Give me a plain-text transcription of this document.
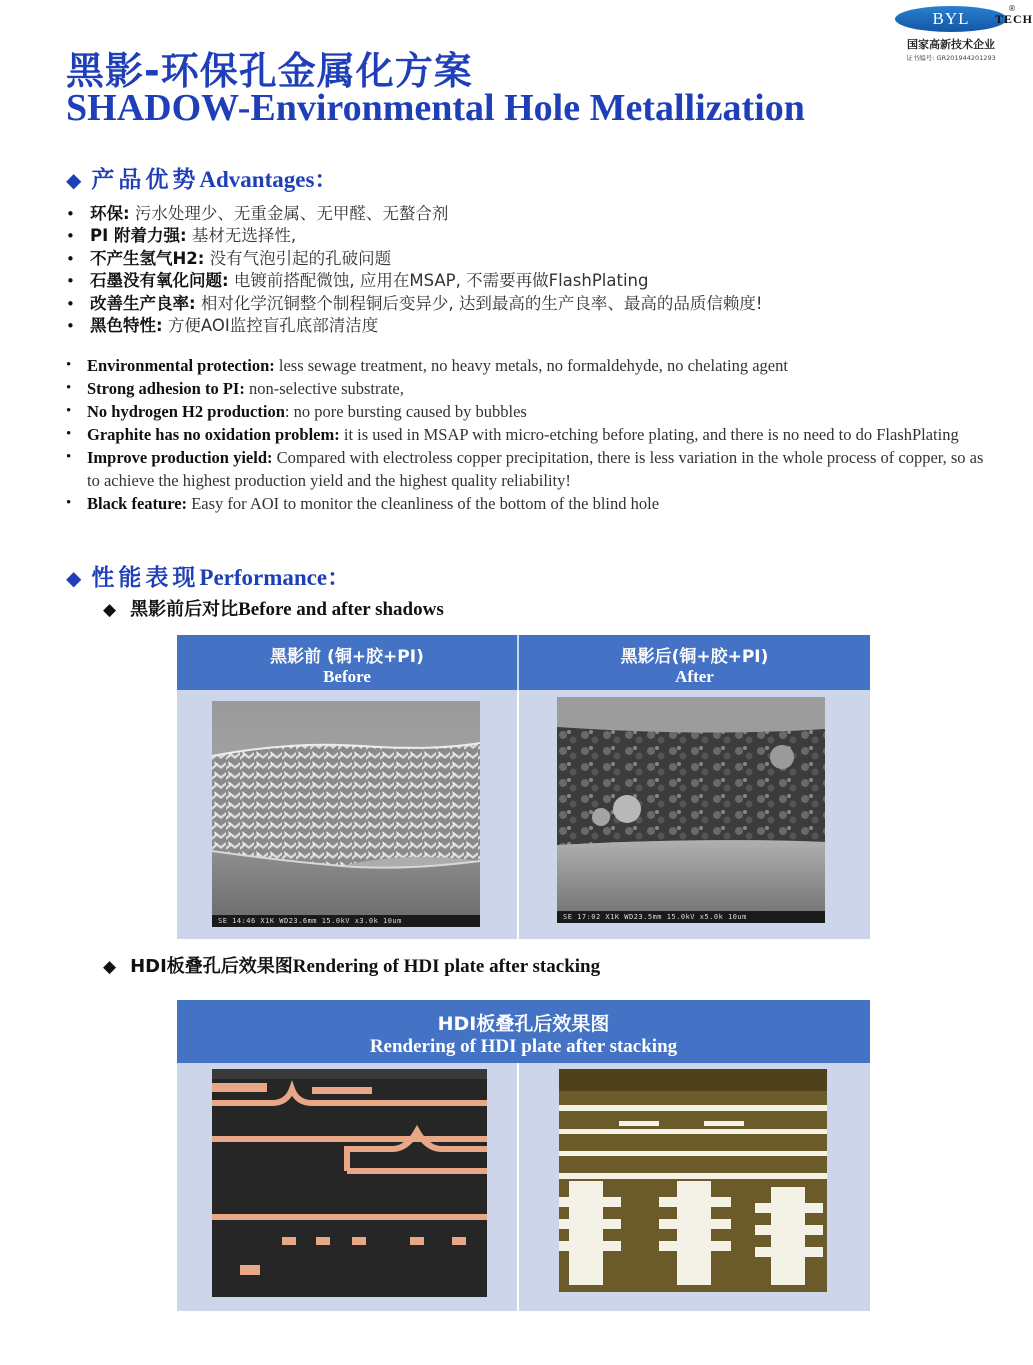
BYL TECH
®
国家高新技术企业
证书编号: GR201944201293
黑影-环保孔金属化方案
SHADOW-Environmental Hole Metallization
◆ 产品优势Advantages：
• 环保: 污水处理少、无重金属、无甲醛、无螯合剂
• PI 附着力强: 基材无选择性,
• 不产生氢气H2: 没有气泡引起的孔破问题
• 石墨没有氧化问题: 电镀前搭配微蚀, 应用在MSAP, 不需要再做FlashPlating
• 改善生产良率: 相对化学沉铜整个制程铜后变异少, 达到最高的生产良率、最高的品质信赖度!
• 黑色特性: 方便AOI监控盲孔底部清洁度
• Environmental protection: less sewage treatment, no heavy metals, no formaldehyde, no chelating agent
• Strong adhesion to PI: non-selective substrate,
• No hydrogen H2 production: no pore bursting caused by bubbles
• Graphite has no oxidation problem: it is used in MSAP with micro-etching before plating, and there is no need to do FlashPlating
• Improve production yield: Compared with electroless copper precipitation, there is less variation in the whole process of copper, so as to achieve the highest production yield and the highest quality reliability!
• Black feature: Easy for AOI to monitor the cleanliness of the bottom of the blind hole
◆ 性能表现Performance：
◆ 黑影前后对比Before and after shadows
黑影前 (铜+胶+PI)
Before
黑影后(铜+胶+PI)
After
SE 14:46 X1K WD23.6mm 15.0kV x3.0k 10um	SE 17:02 X1K WD23.5mm 15.0kV x5.0k 10um
◆ HDI板叠孔后效果图Rendering of HDI plate after stacking
HDI板叠孔后效果图
Rendering of HDI plate after stacking
